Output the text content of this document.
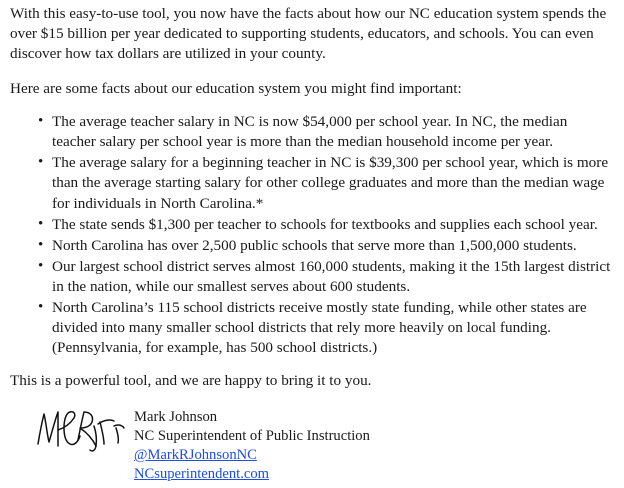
With this easy-to-use tool, you now have the facts about how our NC education system spends the over $15 billion per year dedicated to supporting students, educators, and schools. You can even discover how tax dollars are utilized in your county.

Here are some facts about our education system you might find important:

• The average teacher salary in NC is now $54,000 per school year. In NC, the median teacher salary per school year is more than the median household income per year.
• The average salary for a beginning teacher in NC is $39,300 per school year, which is more than the average starting salary for other college graduates and more than the median wage for individuals in North Carolina.*
• The state sends $1,300 per teacher to schools for textbooks and supplies each school year.
• North Carolina has over 2,500 public schools that serve more than 1,500,000 students.
• Our largest school district serves almost 160,000 students, making it the 15th largest district in the nation, while our smallest serves about 600 students.
• North Carolina’s 115 school districts receive mostly state funding, while other states are divided into many smaller school districts that rely more heavily on local funding. (Pennsylvania, for example, has 500 school districts.)

This is a powerful tool, and we are happy to bring it to you.

Mark Johnson
NC Superintendent of Public Instruction
@MarkRJohnsonNC
NCsuperintendent.com
